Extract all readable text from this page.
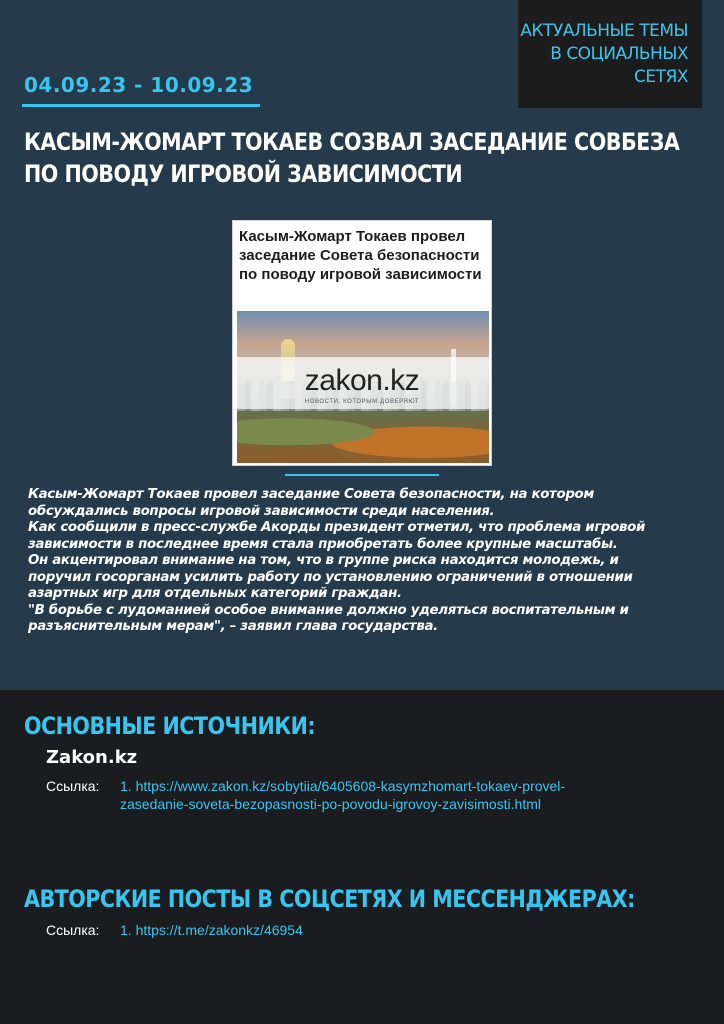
АКТУАЛЬНЫЕ ТЕМЫ
В СОЦИАЛЬНЫХ
СЕТЯХ
04.09.23 - 10.09.23
КАСЫМ-ЖОМАРТ ТОКАЕВ СОЗВАЛ ЗАСЕДАНИЕ СОВБЕЗА ПО ПОВОДУ ИГРОВОЙ ЗАВИСИМОСТИ
Касым-Жомарт Токаев провел заседание Совета безопасности по поводу игровой зависимости
zakon.kz
НОВОСТИ, КОТОРЫМ ДОВЕРЯЮТ

Касым-Жомарт Токаев провел заседание Совета безопасности, на котором

обсуждались вопросы игровой зависимости среди населения.

Как сообщили в пресс-службе Акорды президент отметил, что проблема игровой

зависимости в последнее время стала приобретать более крупные масштабы.

Он акцентировал внимание на том, что в группе риска находится молодежь, и

поручил госорганам усилить работу по установлению ограничений в отношении

азартных игр для отдельных категорий граждан.

"В борьбе с лудоманией особое внимание должно уделяться воспитательным и

разъяснительным мерам", – заявил глава государства.

ОСНОВНЫЕ ИСТОЧНИКИ:
Zakon.kz
Ссылка: 1. https://www.zakon.kz/sobytiia/6405608-kasymzhomart-tokaev-provel-
zasedanie-soveta-bezopasnosti-po-povodu-igrovoy-zavisimosti.html
АВТОРСКИЕ ПОСТЫ В СОЦСЕТЯХ И МЕССЕНДЖЕРАХ:
Ссылка: 1. https://t.me/zakonkz/46954
